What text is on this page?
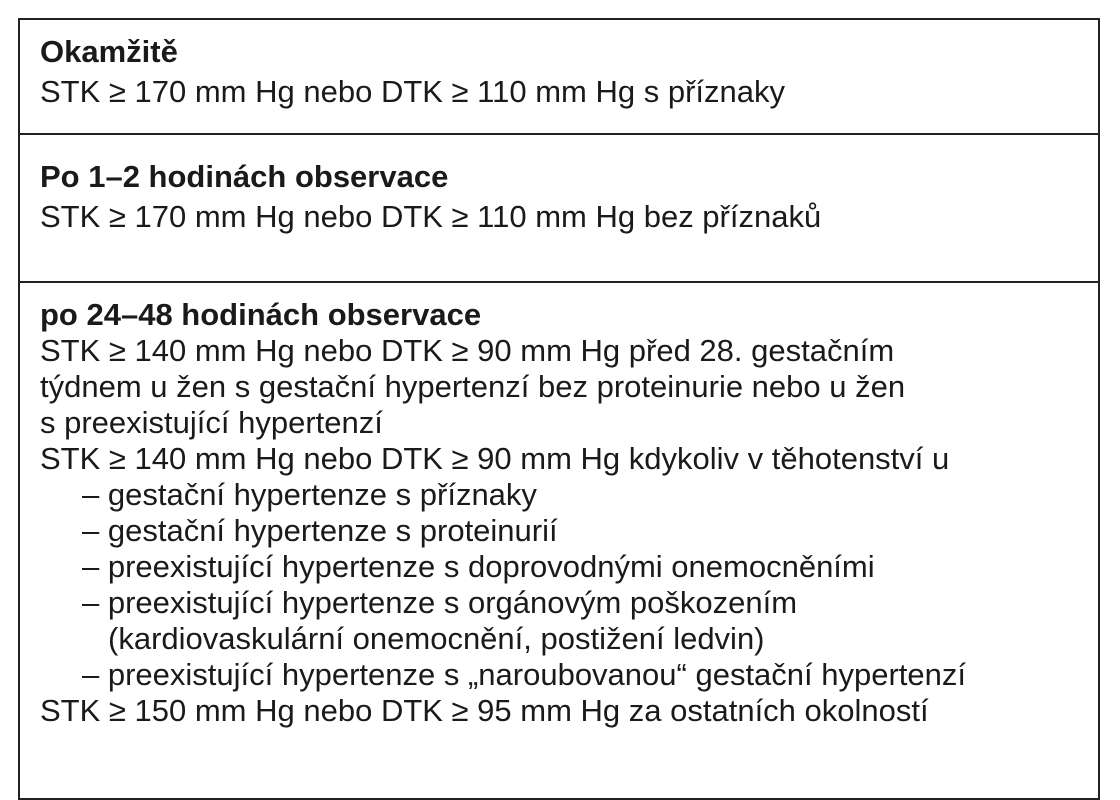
Okamžitě

STK ≥ 170 mm Hg nebo DTK ≥ 110 mm Hg s příznaky

Po 1–2 hodinách observace

STK ≥ 170 mm Hg nebo DTK ≥ 110 mm Hg bez příznaků

po 24–48 hodinách observace

STK ≥ 140 mm Hg nebo DTK ≥ 90 mm Hg před 28. gestačním

týdnem u žen s gestační hypertenzí bez proteinurie nebo u žen

s preexistující hypertenzí

STK ≥ 140 mm Hg nebo DTK ≥ 90 mm Hg kdykoliv v těhotenství u

– gestační hypertenze s příznaky

– gestační hypertenze s proteinurií

– preexistující hypertenze s doprovodnými onemocněními

– preexistující hypertenze s orgánovým poškozením

(kardiovaskulární onemocnění, postižení ledvin)

– preexistující hypertenze s „naroubovanou“ gestační hypertenzí

STK ≥ 150 mm Hg nebo DTK ≥ 95 mm Hg za ostatních okolností
